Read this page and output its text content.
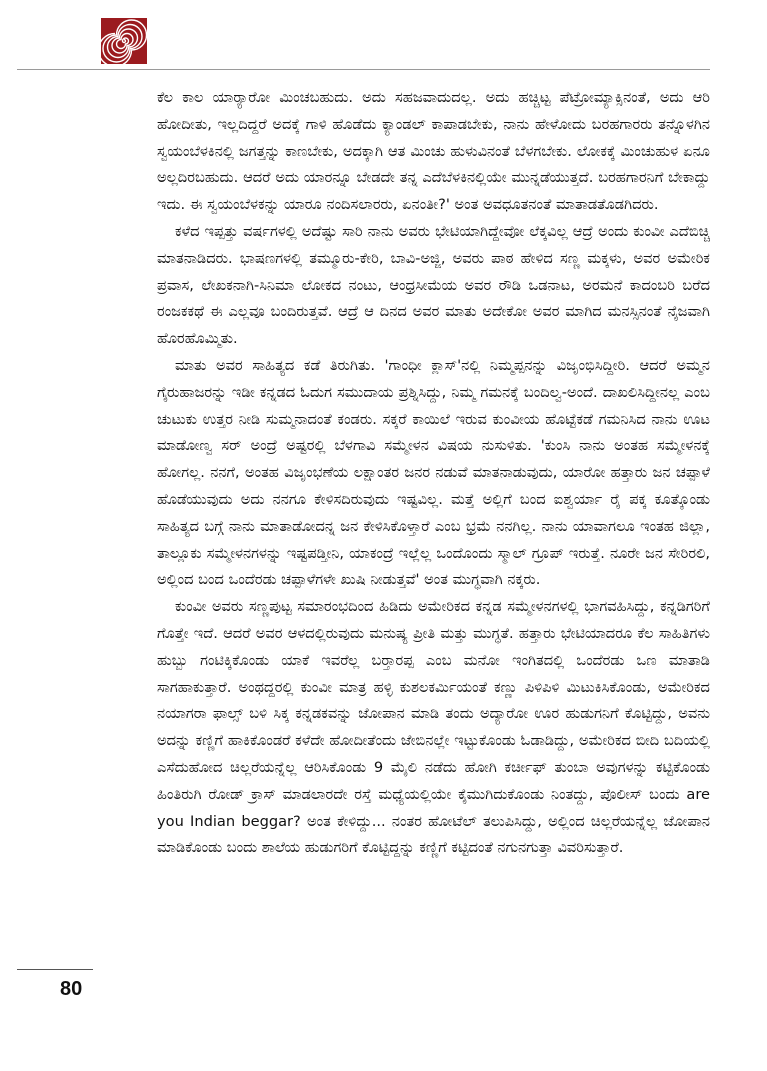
ಕೆಲ ಕಾಲ ಯಾರ್‍ಯಾರೋ ಮಿಂಚಬಹುದು. ಅದು ಸಹಜವಾದುದಲ್ಲ. ಅದು ಹಚ್ಚಿಟ್ಟ ಪೆಟ್ರೋಮ್ಯಾಕ್ಸಿನಂತೆ, ಅದು ಆರಿ ಹೋದೀತು, ಇಲ್ಲದಿದ್ದರೆ ಅದಕ್ಕೆ ಗಾಳಿ ಹೊಡೆದು ಕ್ಯಾಂಡಲ್ ಕಾಪಾಡಬೇಕು, ನಾನು ಹೇಳೋದು ಬರಹಗಾರರು ತನ್ನೊಳಗಿನ ಸ್ವಯಂಬೆಳಕಿನಲ್ಲಿ ಜಗತ್ತನ್ನು ಕಾಣಬೇಕು, ಅದಕ್ಕಾಗಿ ಆತ ಮಿಂಚು ಹುಳುವಿನಂತೆ ಬೆಳಗಬೇಕು. ಲೋಕಕ್ಕೆ ಮಿಂಚುಹುಳ ಏನೂ ಅಲ್ಲದಿರಬಹುದು. ಆದರೆ ಅದು ಯಾರನ್ನೂ ಬೇಡದೇ ತನ್ನ ಎದೆಬೆಳಕಿನಲ್ಲಿಯೇ ಮುನ್ನಡೆಯುತ್ತದೆ. ಬರಹಗಾರನಿಗೆ ಬೇಕಾದ್ದು ಇದು. ಈ ಸ್ವಯಂಬೆಳಕನ್ನು ಯಾರೂ ನಂದಿಸಲಾರರು, ಏನಂತೀ?' ಅಂತ ಅವಧೂತನಂತೆ ಮಾತಾಡತೊಡಗಿದರು.

ಕಳೆದ ಇಪ್ಪತ್ತು ವರ್ಷಗಳಲ್ಲಿ ಅದೆಷ್ಟು ಸಾರಿ ನಾನು ಅವರು ಭೇಟಿಯಾಗಿದ್ದೇವೋ ಲೆಕ್ಕವಿಲ್ಲ ಆದ್ರೆ ಅಂದು ಕುಂವೀ ಎದೆಬಿಚ್ಚಿ ಮಾತನಾಡಿದರು. ಭಾಷಣಗಳಲ್ಲಿ ತಮ್ಮೂರು-ಕೇರಿ, ಬಾವಿ-ಅಜ್ಜಿ, ಅವರು ಪಾಠ ಹೇಳಿದ ಸಣ್ಣ ಮಕ್ಕಳು, ಅವರ ಅಮೇರಿಕ ಪ್ರವಾಸ, ಲೇಖಕನಾಗಿ-ಸಿನಿಮಾ ಲೋಕದ ನಂಟು, ಆಂಧ್ರಸೀಮೆಯ ಅವರ ರೌಡಿ ಒಡನಾಟ, ಅರಮನೆ ಕಾದಂಬರಿ ಬರೆದ ರಂಜಕಕಥೆ ಈ ಎಲ್ಲವೂ ಬಂದಿರುತ್ತವೆ. ಆದ್ರೆ ಆ ದಿನದ ಅವರ ಮಾತು ಅದೇಕೋ ಅವರ ಮಾಗಿದ ಮನಸ್ಸಿನಂತೆ ನೈಜವಾಗಿ ಹೊರಹೊಮ್ಮಿತು.

ಮಾತು ಅವರ ಸಾಹಿತ್ಯದ ಕಡೆ ತಿರುಗಿತು. 'ಗಾಂಧೀ ಕ್ಲಾಸ್'ನಲ್ಲಿ ನಿಮ್ಮಪ್ಪನನ್ನು ವಿಜೃಂಭಿಸಿದ್ದೀರಿ. ಆದರೆ ಅಮ್ಮನ ಗೈರುಹಾಜರನ್ನು ಇಡೀ ಕನ್ನಡದ ಓದುಗ ಸಮುದಾಯ ಪ್ರಶ್ನಿಸಿದ್ದು, ನಿಮ್ಮ ಗಮನಕ್ಕೆ ಬಂದಿಲ್ವ-ಅಂದೆ. ದಾಖಲಿಸಿದ್ದೀನಲ್ಲ ಎಂಬ ಚುಟುಕು ಉತ್ತರ ನೀಡಿ ಸುಮ್ಮನಾದಂತೆ ಕಂಡರು. ಸಕ್ಕರೆ ಕಾಯಿಲೆ ಇರುವ ಕುಂವೀಯ ಹೊಟ್ಟೆಕಡೆ ಗಮನಿಸಿದ ನಾನು ಊಟ ಮಾಡೋಣ್ವ ಸರ್ ಅಂದ್ರೆ ಅಷ್ಟರಲ್ಲಿ ಬೆಳಗಾವಿ ಸಮ್ಮೇಳನ ವಿಷಯ ನುಸುಳಿತು. 'ಕುಂಸಿ ನಾನು ಅಂತಹ ಸಮ್ಮೇಳನಕ್ಕೆ ಹೋಗಲ್ಲ. ನನಗೆ, ಅಂತಹ ವಿಜೃಂಭಣೆಯ ಲಕ್ಷಾಂತರ ಜನರ ನಡುವೆ ಮಾತನಾಡುವುದು, ಯಾರೋ ಹತ್ತಾರು ಜನ ಚಪ್ಪಾಳೆ ಹೊಡೆಯುವುದು ಅದು ನನಗೂ ಕೇಳಿಸದಿರುವುದು ಇಷ್ಟವಿಲ್ಲ. ಮತ್ತೆ ಅಲ್ಲಿಗೆ ಬಂದ ಐಶ್ವರ್ಯಾ ರೈ ಪಕ್ಕ ಕೂತ್ಕೊಂಡು ಸಾಹಿತ್ಯದ ಬಗ್ಗೆ ನಾನು ಮಾತಾಡೋದನ್ನ ಜನ ಕೇಳಿಸಿಕೊಳ್ತಾರೆ ಎಂಬ ಭ್ರಮೆ ನನಗಿಲ್ಲ. ನಾನು ಯಾವಾಗಲೂ ಇಂತಹ ಜಿಲ್ಲಾ, ತಾಲ್ಲೂಕು ಸಮ್ಮೇಳನಗಳನ್ನು ಇಷ್ಟಪಡ್ತೀನಿ, ಯಾಕಂದ್ರೆ ಇಲ್ಲೆಲ್ಲ ಒಂದೊಂದು ಸ್ಮಾಲ್ ಗ್ರೂಪ್ ಇರುತ್ತೆ. ನೂರೇ ಜನ ಸೇರಿರಲಿ, ಅಲ್ಲಿಂದ ಬಂದ ಒಂದೆರಡು ಚಪ್ಪಾಳೆಗಳೇ ಖುಷಿ ನೀಡುತ್ತವೆ' ಅಂತ ಮುಗ್ಧವಾಗಿ ನಕ್ಕರು.

ಕುಂವೀ ಅವರು ಸಣ್ಣಪುಟ್ಟ ಸಮಾರಂಭದಿಂದ ಹಿಡಿದು ಅಮೇರಿಕದ ಕನ್ನಡ ಸಮ್ಮೇಳನಗಳಲ್ಲಿ ಭಾಗವಹಿಸಿದ್ದು, ಕನ್ನಡಿಗರಿಗೆ ಗೊತ್ತೇ ಇದೆ. ಆದರೆ ಅವರ ಆಳದಲ್ಲಿರುವುದು ಮನುಷ್ಯ ಪ್ರೀತಿ ಮತ್ತು ಮುಗ್ಧತೆ. ಹತ್ತಾರು ಭೇಟಿಯಾದರೂ ಕೆಲ ಸಾಹಿತಿಗಳು ಹುಬ್ಬು ಗಂಟಿಕ್ಕಿಕೊಂಡು ಯಾಕೆ ಇವರೆಲ್ಲ ಬರ್‍ತಾರಪ್ಪ ಎಂಬ ಮನೋ ಇಂಗಿತದಲ್ಲಿ ಒಂದೆರಡು ಒಣ ಮಾತಾಡಿ ಸಾಗಹಾಕುತ್ತಾರೆ. ಅಂಥದ್ದರಲ್ಲಿ ಕುಂವೀ ಮಾತ್ರ ಹಳ್ಳಿ ಕುಶಲಕರ್ಮಿಯಂತೆ ಕಣ್ಣು ಪಿಳಿಪಿಳಿ ಮಿಟುಕಿಸಿಕೊಂಡು, ಅಮೇರಿಕದ ನಯಾಗರಾ ಫಾಲ್ಸ್ ಬಳಿ ಸಿಕ್ಕ ಕನ್ನಡಕವನ್ನು ಜೋಪಾನ ಮಾಡಿ ತಂದು ಅದ್ಯಾರೋ ಊರ ಹುಡುಗನಿಗೆ ಕೊಟ್ಟಿದ್ದು, ಅವನು ಅದನ್ನು ಕಣ್ಣಿಗೆ ಹಾಕಿಕೊಂಡರೆ ಕಳೆದೇ ಹೋದೀತೆಂದು ಜೇಬಿನಲ್ಲೇ ಇಟ್ಟುಕೊಂಡು ಓಡಾಡಿದ್ದು, ಅಮೇರಿಕದ ಬೀದಿ ಬದಿಯಲ್ಲಿ ಎಸೆದುಹೋದ ಚಿಲ್ಲರೆಯನ್ನೆಲ್ಲ ಆರಿಸಿಕೊಂಡು 9 ಮೈಲಿ ನಡೆದು ಹೋಗಿ ಕರ್ಚೀಫ್ ತುಂಬಾ ಅವುಗಳನ್ನು ಕಟ್ಟಿಕೊಂಡು ಹಿಂತಿರುಗಿ ರೋಡ್ ಕ್ರಾಸ್ ಮಾಡಲಾರದೇ ರಸ್ತೆ ಮಧ್ಯೆಯಲ್ಲಿಯೇ ಕೈಮುಗಿದುಕೊಂಡು ನಿಂತದ್ದು, ಪೊಲೀಸ್ ಬಂದು are you Indian beggar? ಅಂತ ಕೇಳಿದ್ದು... ನಂತರ ಹೋಟೆಲ್ ತಲುಪಿಸಿದ್ದು, ಅಲ್ಲಿಂದ ಚಿಲ್ಲರೆಯನ್ನೆಲ್ಲ ಜೋಪಾನ ಮಾಡಿಕೊಂಡು ಬಂದು ಶಾಲೆಯ ಹುಡುಗರಿಗೆ ಕೊಟ್ಟಿದ್ದನ್ನು ಕಣ್ಣಿಗೆ ಕಟ್ಟಿದಂತೆ ನಗುನಗುತ್ತಾ ವಿವರಿಸುತ್ತಾರೆ.

80
